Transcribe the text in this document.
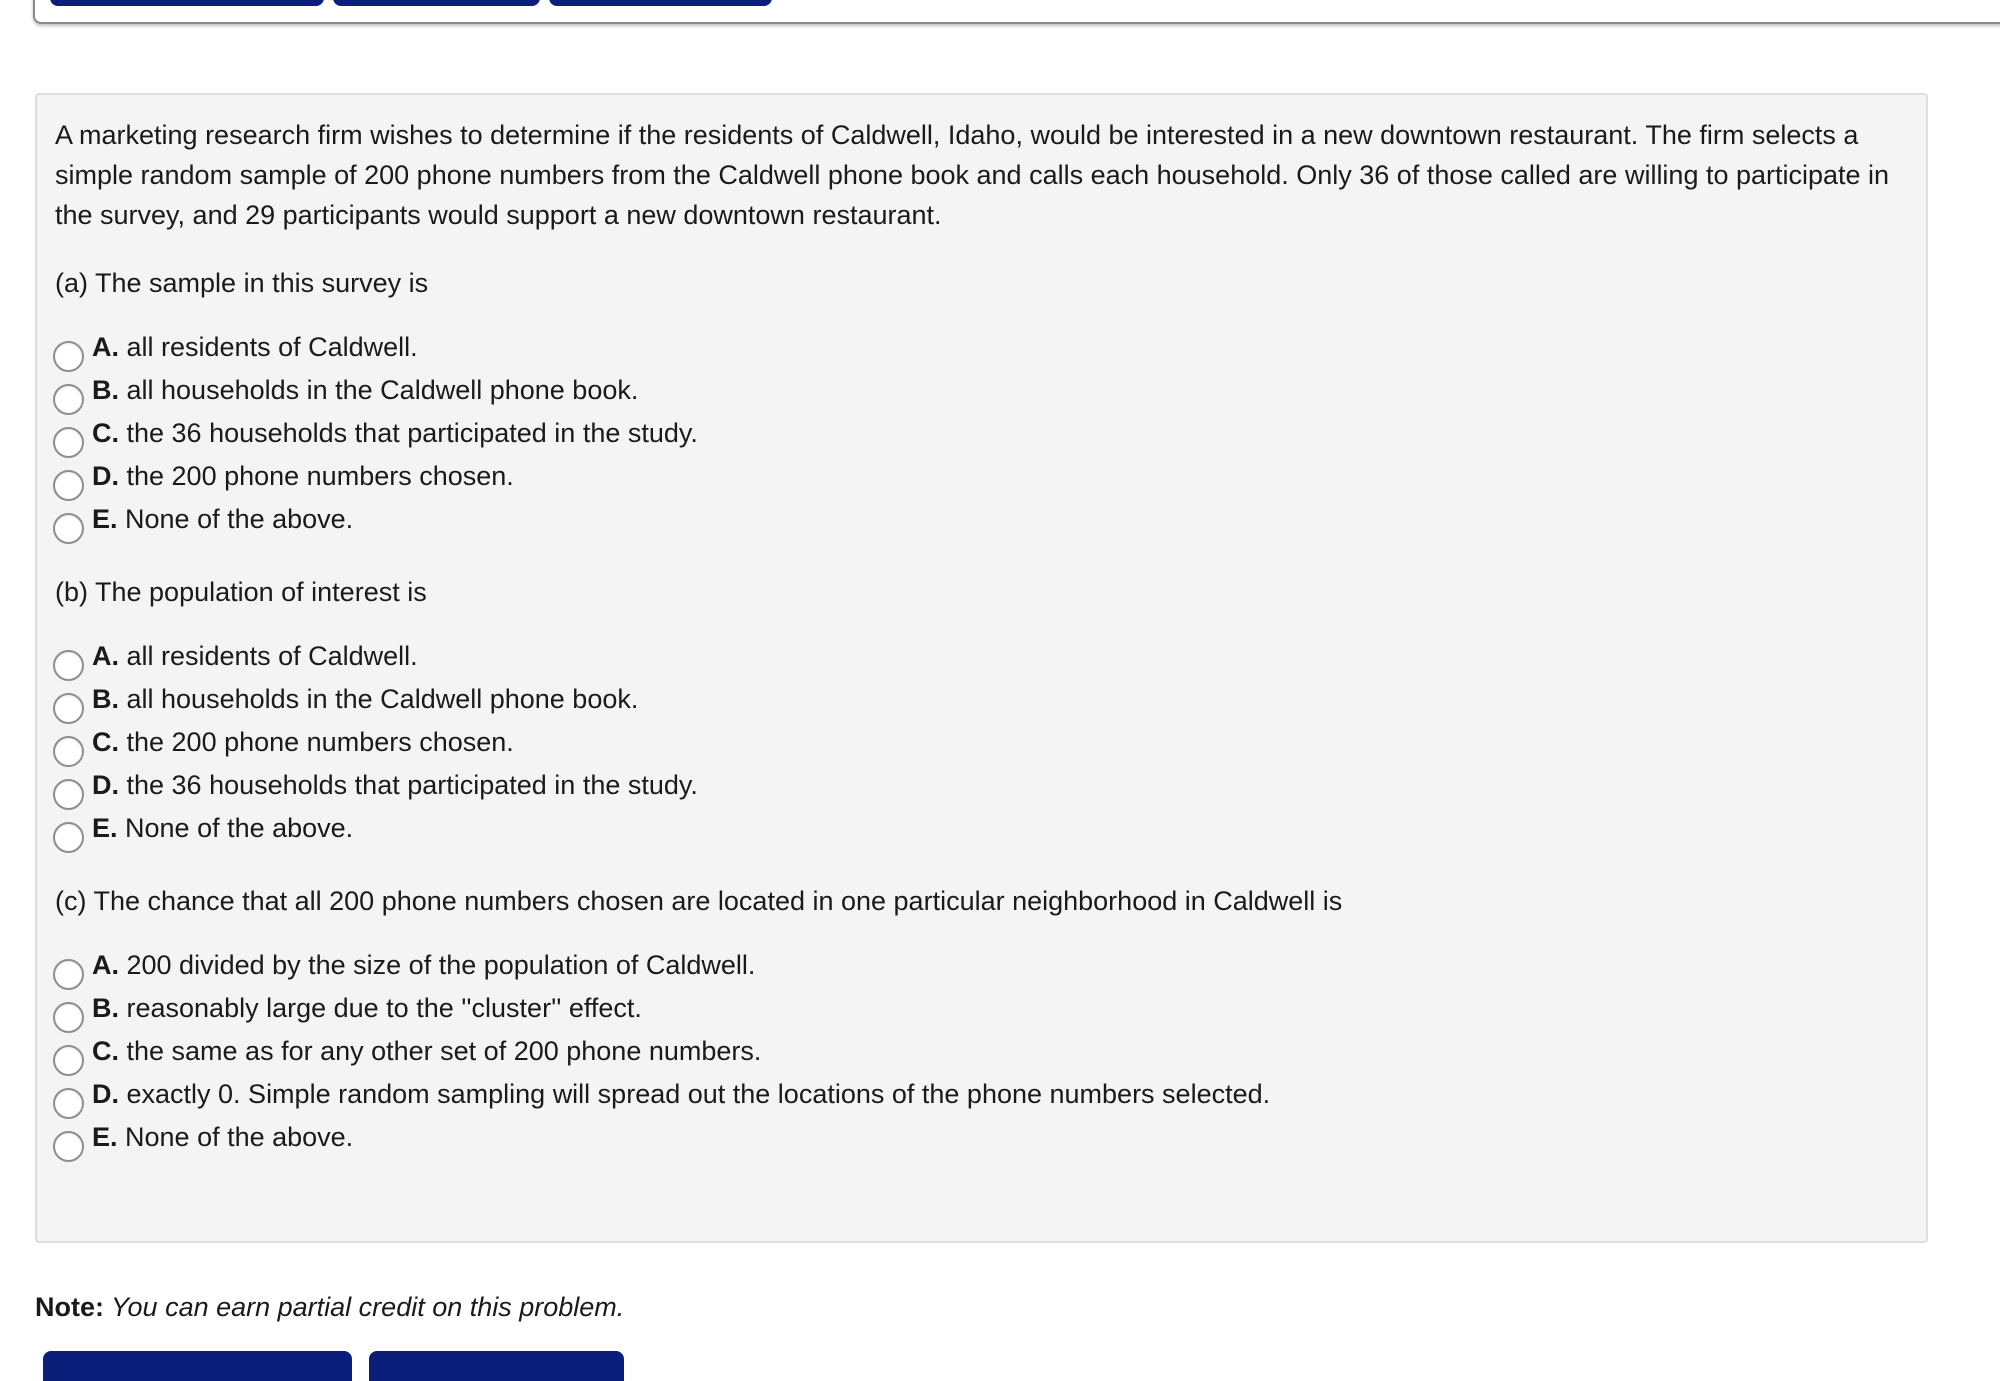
A marketing research firm wishes to determine if the residents of Caldwell, Idaho, would be interested in a new downtown restaurant. The firm selects a simple random sample of 200 phone numbers from the Caldwell phone book and calls each household. Only 36 of those called are willing to participate in the survey, and 29 participants would support a new downtown restaurant.

(a) The sample in this survey is

A. all residents of Caldwell.
B. all households in the Caldwell phone book.
C. the 36 households that participated in the study.
D. the 200 phone numbers chosen.
E. None of the above.

(b) The population of interest is

A. all residents of Caldwell.
B. all households in the Caldwell phone book.
C. the 200 phone numbers chosen.
D. the 36 households that participated in the study.
E. None of the above.

(c) The chance that all 200 phone numbers chosen are located in one particular neighborhood in Caldwell is

A. 200 divided by the size of the population of Caldwell.
B. reasonably large due to the ''cluster'' effect.
C. the same as for any other set of 200 phone numbers.
D. exactly 0. Simple random sampling will spread out the locations of the phone numbers selected.
E. None of the above.
Note: You can earn partial credit on this problem.
